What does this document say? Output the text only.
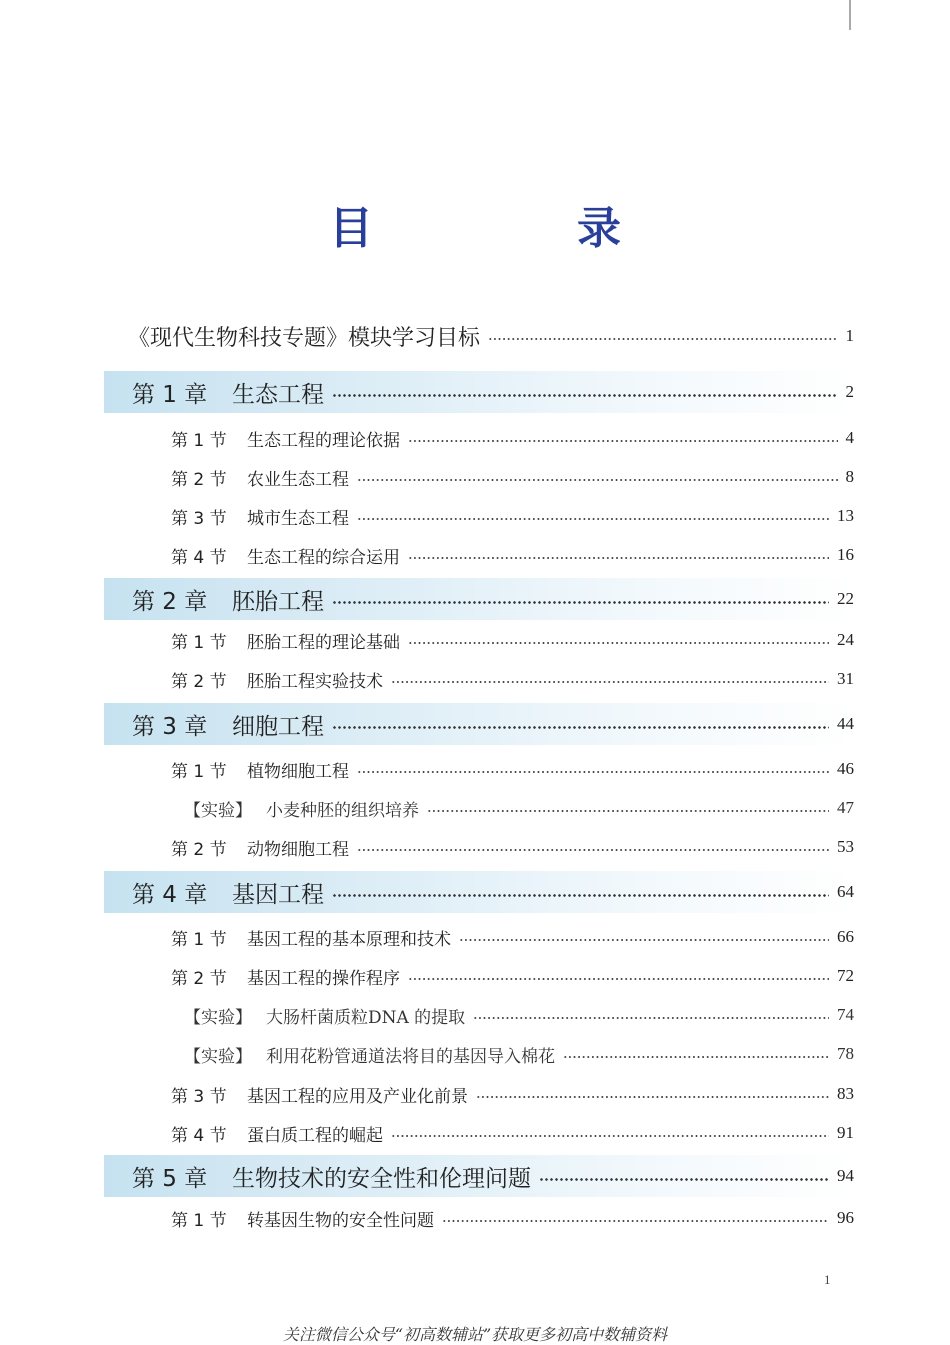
目　录
《现代生物科技专题》模块学习目标	1
第 1 章 生态工程	2
第 1 节 生态工程的理论依据	4
第 2 节 农业生态工程	8
第 3 节 城市生态工程	13
第 4 节 生态工程的综合运用	16
第 2 章 胚胎工程	22
第 1 节 胚胎工程的理论基础	24
第 2 节 胚胎工程实验技术	31
第 3 章 细胞工程	44
第 1 节 植物细胞工程	46
【实验】 小麦种胚的组织培养	47
第 2 节 动物细胞工程	53
第 4 章 基因工程	64
第 1 节 基因工程的基本原理和技术	66
第 2 节 基因工程的操作程序	72
【实验】 大肠杆菌质粒DNA 的提取	74
【实验】 利用花粉管通道法将目的基因导入棉花	78
第 3 节 基因工程的应用及产业化前景	83
第 4 节 蛋白质工程的崛起	91
第 5 章 生物技术的安全性和伦理问题	94
第 1 节 转基因生物的安全性问题	96
1
关注微信公众号“初高数辅站”获取更多初高中数辅资料
